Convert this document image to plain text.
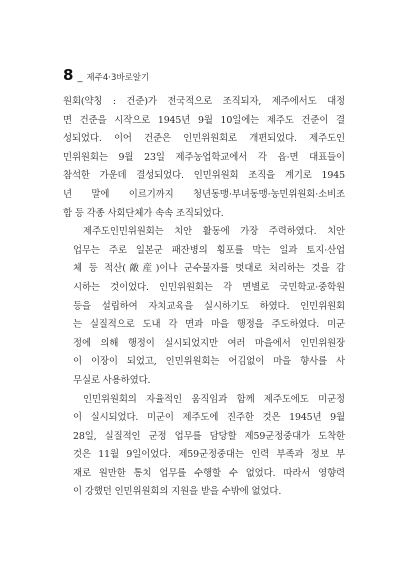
8 _ 제주4·3바로알기

원회(약칭 : 건준)가 전국적으로 조직되자, 제주에서도 대정
면 건준을 시작으로 1945년 9월 10일에는 제주도 건준이 결
성되었다. 이어 건준은 인민위원회로 개편되었다. 제주도인
민위원회는 9월 23일 제주농업학교에서 각 읍·면 대표들이
참석한 가운데 결성되었다. 인민위원회 조직을 계기로 1945
년 말에 이르기까지 청년동맹·부녀동맹·농민위원회·소비조
합 등 각종 사회단체가 속속 조직되었다.

제주도인민위원회는 치안 활동에 가장 주력하였다. 치안
업무는 주로 일본군 패잔병의 횡포를 막는 일과 토지·산업
체 등 적산(敵産)이나 군수물자를 멋대로 처리하는 것을 감
시하는 것이었다. 인민위원회는 각 면별로 국민학교·중학원
등을 설립하여 자치교육을 실시하기도 하였다. 인민위원회
는 실질적으로 도내 각 면과 마을 행정을 주도하였다. 미군
정에 의해 행정이 실시되었지만 여러 마을에서 인민위원장
이 이장이 되었고, 인민위원회는 어김없이 마을 향사를 사
무실로 사용하였다.

인민위원회의 자율적인 움직임과 함께 제주도에도 미군정
이 실시되었다. 미군이 제주도에 진주한 것은 1945년 9월
28일, 실질적인 군정 업무를 담당할 제59군정중대가 도착한
것은 11월 9일이었다. 제59군정중대는 인력 부족과 정보 부
재로 원만한 통치 업무를 수행할 수 없었다. 따라서 영향력
이 강했던 인민위원회의 지원을 받을 수밖에 없었다.
